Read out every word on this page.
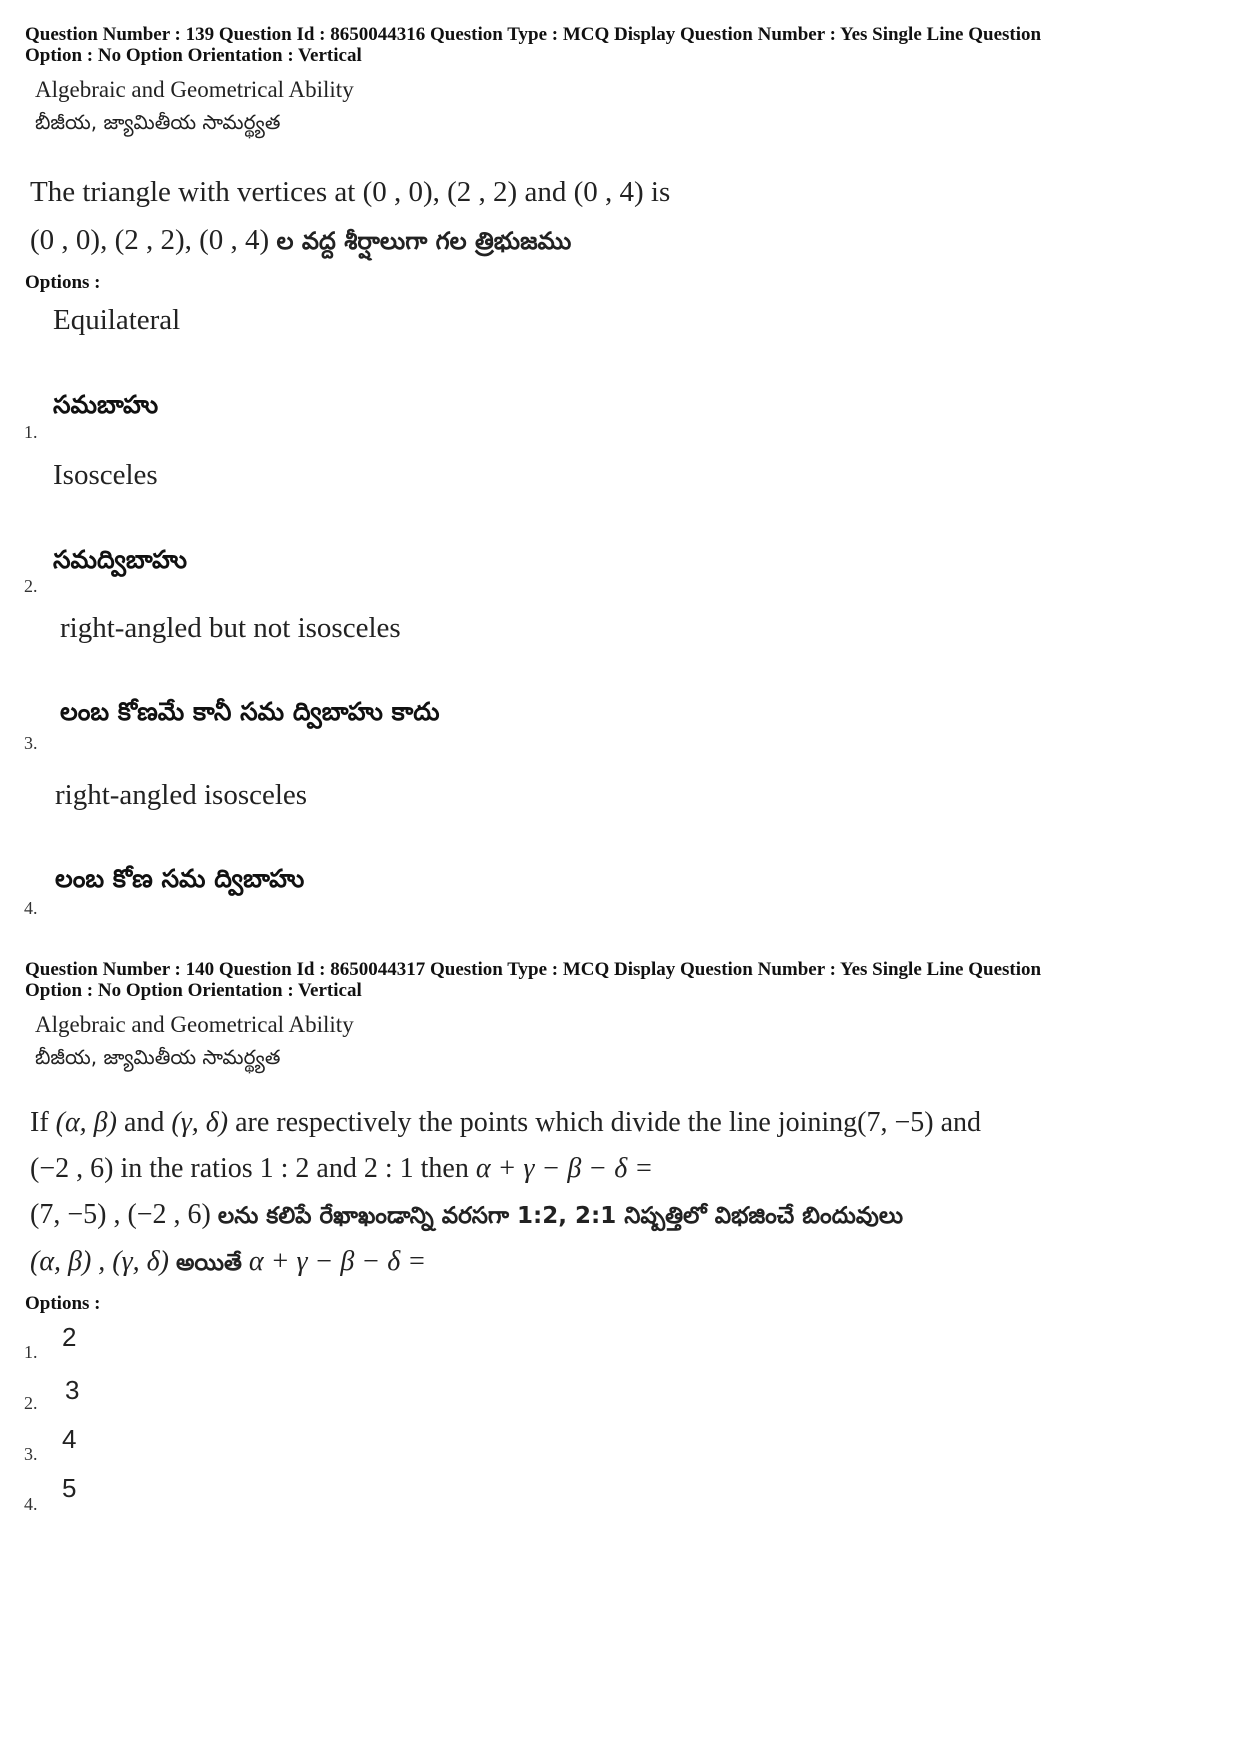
Question Number : 139 Question Id : 8650044316 Question Type : MCQ Display Question Number : Yes Single Line Question
Option : No Option Orientation : Vertical
Algebraic and Geometrical Ability
బీజీయ, జ్యామితీయ సామర్థ్యత
The triangle with vertices at (0 , 0), (2 , 2) and (0 , 4) is
(0 , 0), (2 , 2), (0 , 4) ల వద్ద శీర్షాలుగా గల త్రిభుజము
Options :
Equilateral
సమబాహు
1.
Isosceles
సమద్విబాహు
2.
right-angled but not isosceles
లంబ కోణమే కానీ సమ ద్విబాహు కాదు
3.
right-angled isosceles
లంబ కోణ సమ ద్విబాహు
4.
Question Number : 140 Question Id : 8650044317 Question Type : MCQ Display Question Number : Yes Single Line Question
Option : No Option Orientation : Vertical
Algebraic and Geometrical Ability
బీజీయ, జ్యామితీయ సామర్థ్యత
If (α, β) and (γ, δ) are respectively the points which divide the line joining(7, −5) and
(−2 , 6) in the ratios 1 : 2 and 2 : 1 then α + γ − β − δ =
(7, −5) , (−2 , 6) లను కలిపే రేఖాఖండాన్ని వరసగా 1:2, 2:1 నిష్పత్తిలో విభజించే బిందువులు
(α, β) , (γ, δ) అయితే α + γ − β − δ =
Options :
2
1.
3
2.
4
3.
5
4.
